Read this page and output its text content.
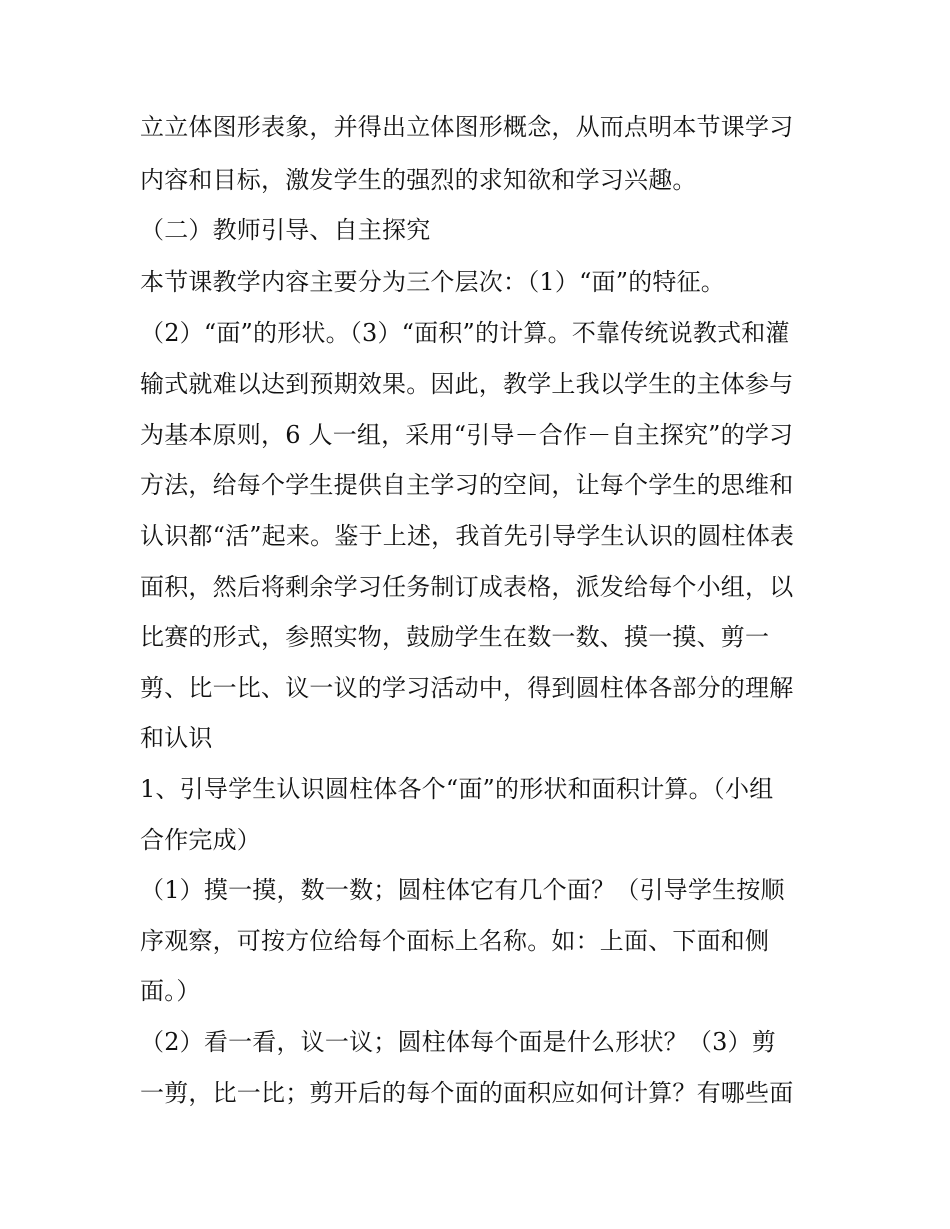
立立体图形表象，并得出立体图形概念，从而点明本节课学习
内容和目标，激发学生的强烈的求知欲和学习兴趣。
（二）教师引导、自主探究
本节课教学内容主要分为三个层次：（1）“面”的特征。
（2）“面”的形状。（3）“面积”的计算。不靠传统说教式和灌
输式就难以达到预期效果。因此，教学上我以学生的主体参与
为基本原则，6 人一组，采用“引导－合作－自主探究”的学习
方法，给每个学生提供自主学习的空间，让每个学生的思维和
认识都“活”起来。鉴于上述，我首先引导学生认识的圆柱体表
面积，然后将剩余学习任务制订成表格，派发给每个小组，以
比赛的形式，参照实物，鼓励学生在数一数、摸一摸、剪一
剪、比一比、议一议的学习活动中，得到圆柱体各部分的理解
和认识
1、引导学生认识圆柱体各个“面”的形状和面积计算。（小组
合作完成）
（1）摸一摸，数一数；圆柱体它有几个面？（引导学生按顺
序观察，可按方位给每个面标上名称。如：上面、下面和侧
面。）
（2）看一看，议一议；圆柱体每个面是什么形状？（3）剪
一剪，比一比；剪开后的每个面的面积应如何计算？有哪些面
